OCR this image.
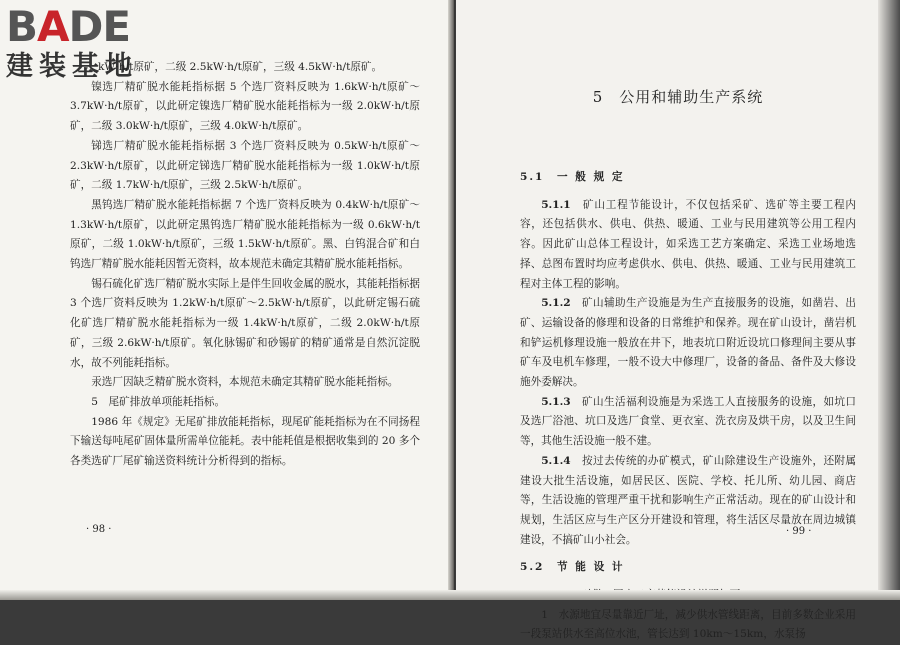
BADE
建装基地

kW·h/t原矿，二级 2.5kW·h/t原矿，三级 4.5kW·h/t原矿。

镍选厂精矿脱水能耗指标据 5 个选厂资料反映为 1.6kW·h/t原矿～3.7kW·h/t原矿，以此研定镍选厂精矿脱水能耗指标为一级 2.0kW·h/t原矿，二级 3.0kW·h/t原矿，三级 4.0kW·h/t原矿。

锑选厂精矿脱水能耗指标据 3 个选厂资料反映为 0.5kW·h/t原矿～2.3kW·h/t原矿，以此研定锑选厂精矿脱水能耗指标为一级 1.0kW·h/t原矿，二级 1.7kW·h/t原矿，三级 2.5kW·h/t原矿。

黑钨选厂精矿脱水能耗指标据 7 个选厂资料反映为 0.4kW·h/t原矿～1.3kW·h/t原矿，以此研定黑钨选厂精矿脱水能耗指标为一级 0.6kW·h/t原矿，二级 1.0kW·h/t原矿，三级 1.5kW·h/t原矿。黑、白钨混合矿和白钨选厂精矿脱水能耗因暂无资料，故本规范未确定其精矿脱水能耗指标。

锡石硫化矿选厂精矿脱水实际上是伴生回收金属的脱水，其能耗指标据 3 个选厂资料反映为 1.2kW·h/t原矿～2.5kW·h/t原矿，以此研定锡石硫化矿选厂精矿脱水能耗指标为一级 1.4kW·h/t原矿，二级 2.0kW·h/t原矿，三级 2.6kW·h/t原矿。氧化脉锡矿和砂锡矿的精矿通常是自然沉淀脱水，故不列能耗指标。

汞选厂因缺乏精矿脱水资料，本规范未确定其精矿脱水能耗指标。

5　尾矿排放单项能耗指标。

1986 年《规定》无尾矿排放能耗指标，现尾矿能耗指标为在不同扬程下输送每吨尾矿固体量所需单位能耗。表中能耗值是根据收集到的 20 多个各类选矿厂尾矿输送资料统计分析得到的指标。

· 98 ·
5　公用和辅助生产系统

5.1　一 般 规 定

5.1.1　 矿山工程节能设计，不仅包括采矿、选矿等主要工程内容，还包括供水、供电、供热、暖通、工业与民用建筑等公用工程内容。因此矿山总体工程设计，如采选工艺方案确定、采选工业场地选择、总图布置时均应考虑供水、供电、供热、暖通、工业与民用建筑工程对主体工程的影响。

5.1.2　 矿山辅助生产设施是为生产直接服务的设施，如凿岩、出矿、运输设备的修理和设备的日常维护和保养。现在矿山设计，凿岩机和铲运机修理设施一般放在井下，地表坑口附近设坑口修理间主要从事矿车及电机车修理，一般不设大中修理厂，设备的备品、备件及大修设施外委解决。

5.1.3　 矿山生活福利设施是为采选工人直接服务的设施，如坑口及选厂浴池、坑口及选厂食堂、更衣室、洗衣房及烘干房，以及卫生间等，其他生活设施一般不建。

5.1.4　 按过去传统的办矿模式，矿山除建设生产设施外，还附属建设大批生活设施，如居民区、医院、学校、托儿所、幼儿园、商店等，生活设施的管理严重干扰和影响生产正常活动。现在的矿山设计和规划，生活区应与生产区分开建设和管理，将生活区尽量放在周边城镇建设，不搞矿山小社会。

5.2　节 能 设 计

1　水源地宜尽量靠近厂址，减少供水管线距离，目前多数企业采用一段泵站供水至高位水池，管长达到 10km～15km，水泵扬

· 99 ·
